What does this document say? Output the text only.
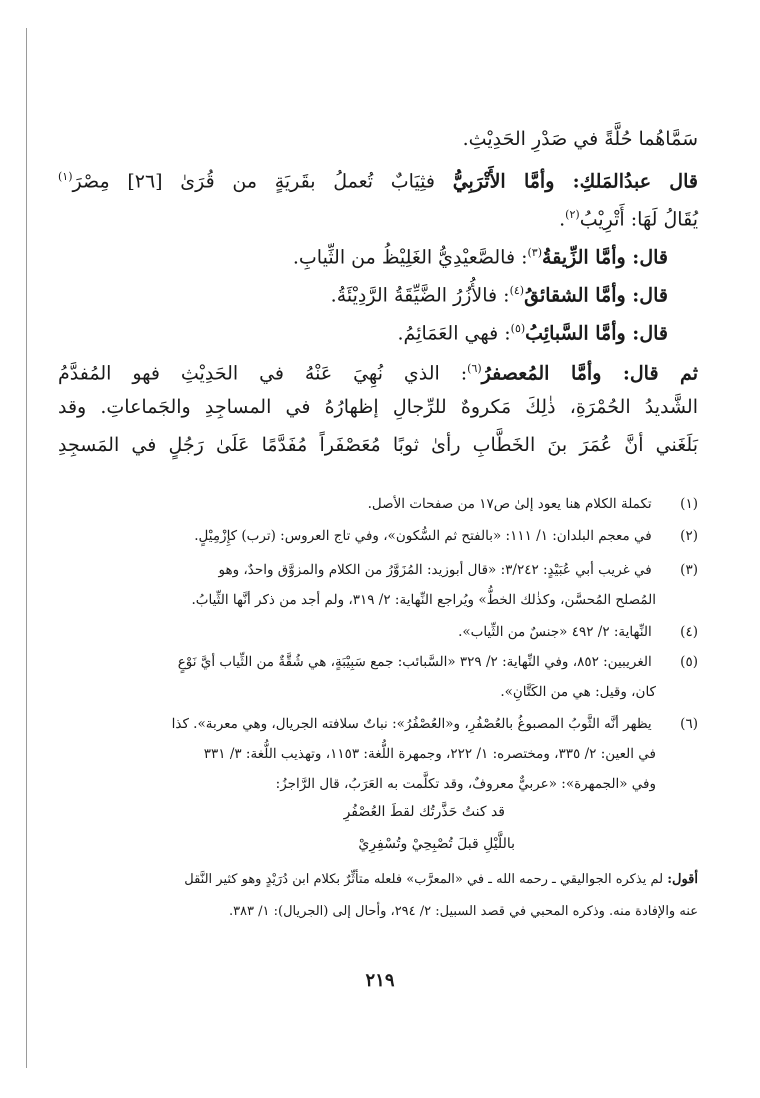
سَمَّاهُما حُلَّةً في صَدْرِ الحَدِيْثِ.
قال عبدُالمَلكِ: وأمَّا الأَتْرَبِيُّ فثِيَابٌ تُعملُ بقَريَةٍ من قُرَىٰ [٢٦] مِصْرَ$^{(١)}$
يُقَالُ لَهَا: أَتْرِيْبُ$^{(٢)}$.
قال: وأمَّا الزِّيقةُ$^{(٣)}$: فالصَّعيْدِيُّ الغَلِيْظُ من الثِّيابِ.
قال: وأمَّا الشقائقُ$^{(٤)}$: فالأُزُرُ الضَّيِّقَةُ الرَّدِيْئَةُ.
قال: وأمَّا السَّبائِبُ$^{(٥)}$: فهي العَمَائِمُ.
ثم قال: وأمَّا المُعصفرُ$^{(٦)}$: الذي نُهِيَ عَنْهُ في الحَدِيْثِ فهو المُفدَّمُ
الشَّديدُ الحُمْرَةِ، ذٰلِكَ مَكروهٌ للرِّجالِ إظهارُهُ في المساجِدِ والجَماعاتِ. وقد
بَلَغَني أنَّ عُمَرَ بنَ الخَطَّابِ رأىٰ ثوبًا مُعَصْفَراً مُفَدَّمًا عَلَىٰ رَجُلٍ في المَسجِدِ
(١) تكملة الكلام هنا يعود إلىٰ ص١٧ من صفحات الأصل.
(٢) في معجم البلدان: ١/ ١١١: «بالفتح ثم السُّكون»، وفي تاج العروس: (ترب) كإِزْمِيْلٍ.
(٣) في غريب أبي عُبَيْدٍ: ٣/٢٤٢: «قال أبوزيد: المُزَوَّرُ من الكلام والمزوَّق واحدٌ، وهو
المُصلح المُحسَّن، وكذٰلك الخطُّ» ويُراجع النِّهاية: ٢/ ٣١٩، ولم أجد من ذكر أنَّها الثِّيابُ.
(٤) النِّهاية: ٢/ ٤٩٢ «جنسٌ من الثِّياب».
(٥) الغريبين: ٨٥٢، وفي النِّهاية: ٢/ ٣٢٩ «السَّبائب: جمع سَبِيْبَةٍ، هي شُقَّةٌ من الثِّياب أيَّ نَوْعٍ
كان، وقيل: هي من الكَتَّانِ».
(٦) يظهر أنَّه الثَّوبُ المصبوغُ بالعُصْفُرِ، و«العُصْفُرُ»: نباتٌ سلافته الجريال، وهي معربة». كذا
في العين: ٢/ ٣٣٥، ومختصره: ١/ ٢٢٢، وجمهرة اللُّغة: ١١٥٣، وتهذيب اللُّغة: ٣/ ٣٣١
وفي «الجمهرة»: «عربيٌّ معروفٌ، وقد تكلَّمت به العَرَبُ، قال الرَّاجزُ:
قد كنتُ حَذَّرتُك لقطَ العُصْفُرِ
باللَّيْلِ قبلَ تُصْبِحِيْ وتُسْفِرِيْ
أقول: لم يذكره الجواليقي ـ رحمه الله ـ في «المعرَّب» فلعله متأثِّرٌ بكلام ابن دُرَيْدٍ وهو كثير النَّقل
عنه والإفادة منه. وذكره المحبي في قصد السبيل: ٢/ ٢٩٤، وأحال إلى (الجريال): ١/ ٣٨٣.
٢١٩
